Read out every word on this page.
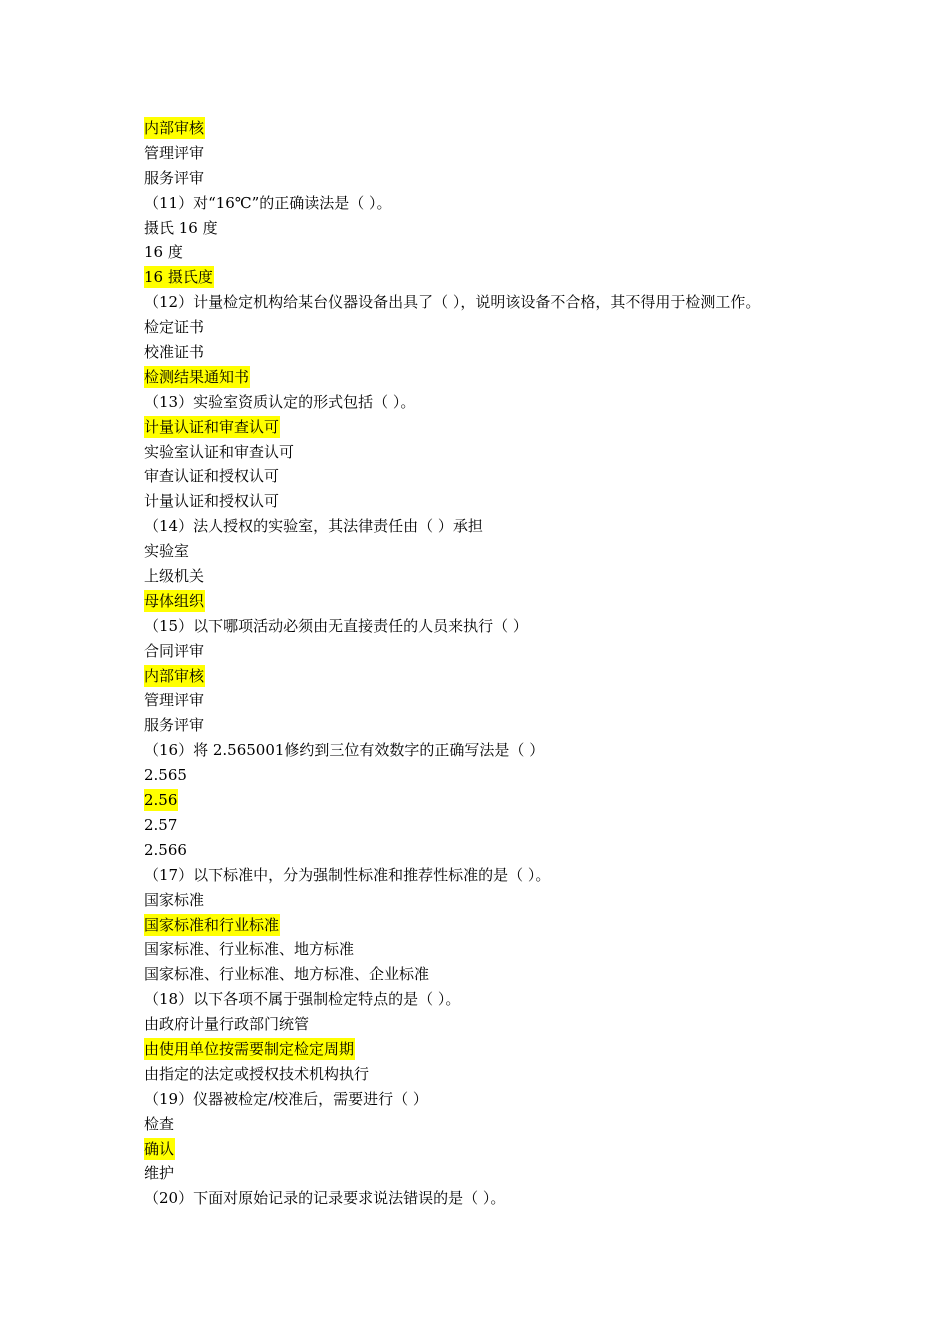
内部审核
管理评审
服务评审
（11）对“16℃”的正确读法是（ ）。
摄氏 16 度
16 度
16 摄氏度
（12）计量检定机构给某台仪器设备出具了（ ），说明该设备不合格，其不得用于检测工作。
检定证书
校准证书
检测结果通知书
（13）实验室资质认定的形式包括（ ）。
计量认证和审查认可
实验室认证和审查认可
审查认证和授权认可
计量认证和授权认可
（14）法人授权的实验室，其法律责任由（ ）承担
实验室
上级机关
母体组织
（15）以下哪项活动必须由无直接责任的人员来执行（ ）
合同评审
内部审核
管理评审
服务评审
（16）将 2.565001修约到三位有效数字的正确写法是（ ）
2.565
2.56
2.57
2.566
（17）以下标准中，分为强制性标准和推荐性标准的是（ ）。
国家标准
国家标准和行业标准
国家标准、行业标准、地方标准
国家标准、行业标准、地方标准、企业标准
（18）以下各项不属于强制检定特点的是（ ）。
由政府计量行政部门统管
由使用单位按需要制定检定周期
由指定的法定或授权技术机构执行
（19）仪器被检定/校准后，需要进行（ ）
检查
确认
维护
（20）下面对原始记录的记录要求说法错误的是（ ）。
